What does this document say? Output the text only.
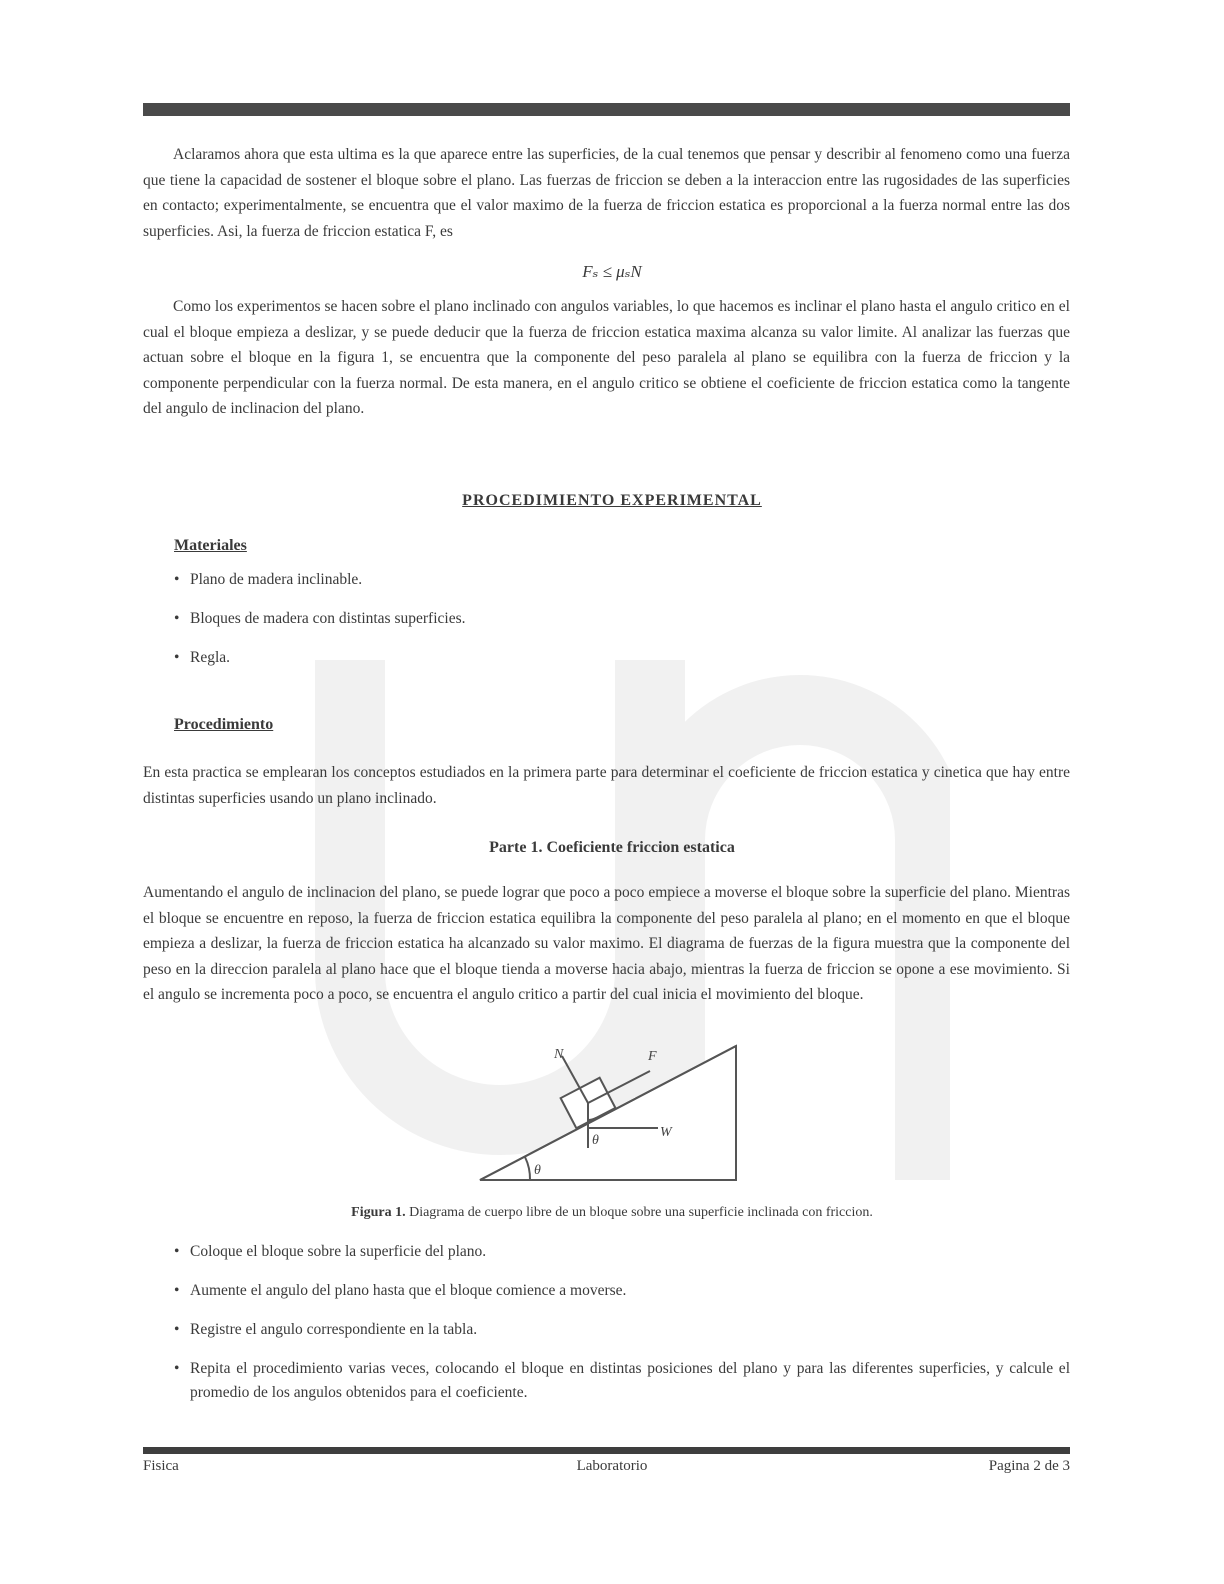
Aclaramos ahora que esta ultima es la que aparece entre las superficies, de la cual tenemos que pensar y describir al fenomeno como una fuerza que tiene la capacidad de sostener el bloque sobre el plano. Las fuerzas de friccion se deben a la interaccion entre las rugosidades de las superficies en contacto; experimentalmente, se encuentra que el valor maximo de la fuerza de friccion estatica es proporcional a la fuerza normal entre las dos superficies. Asi, la fuerza de friccion estatica F, es

Fₛ ≤ μₛN

Como los experimentos se hacen sobre el plano inclinado con angulos variables, lo que hacemos es inclinar el plano hasta el angulo critico en el cual el bloque empieza a deslizar, y se puede deducir que la fuerza de friccion estatica maxima alcanza su valor limite. Al analizar las fuerzas que actuan sobre el bloque en la figura 1, se encuentra que la componente del peso paralela al plano se equilibra con la fuerza de friccion y la componente perpendicular con la fuerza normal. De esta manera, en el angulo critico se obtiene el coeficiente de friccion estatica como la tangente del angulo de inclinacion del plano.

PROCEDIMIENTO EXPERIMENTAL
Materiales
• Plano de madera inclinable.
• Bloques de madera con distintas superficies.
• Regla.
Procedimiento

En esta practica se emplearan los conceptos estudiados en la primera parte para determinar el coeficiente de friccion estatica y cinetica que hay entre distintas superficies usando un plano inclinado.

Parte 1. Coeficiente friccion estatica

Aumentando el angulo de inclinacion del plano, se puede lograr que poco a poco empiece a moverse el bloque sobre la superficie del plano. Mientras el bloque se encuentre en reposo, la fuerza de friccion estatica equilibra la componente del peso paralela al plano; en el momento en que el bloque empieza a deslizar, la fuerza de friccion estatica ha alcanzado su valor maximo. El diagrama de fuerzas de la figura muestra que la componente del peso en la direccion paralela al plano hace que el bloque tienda a moverse hacia abajo, mientras la fuerza de friccion se opone a ese movimiento. Si el angulo se incrementa poco a poco, se encuentra el angulo critico a partir del cual inicia el movimiento del bloque.

N	F
W
θ
θ
Figura 1. Diagrama de cuerpo libre de un bloque sobre una superficie inclinada con friccion.
• Coloque el bloque sobre la superficie del plano.
• Aumente el angulo del plano hasta que el bloque comience a moverse.
• Registre el angulo correspondiente en la tabla.
• Repita el procedimiento varias veces, colocando el bloque en distintas posiciones del plano y para las diferentes superficies, y calcule el promedio de los angulos obtenidos para el coeficiente.
Fisica	Laboratorio	Pagina 2 de 3
